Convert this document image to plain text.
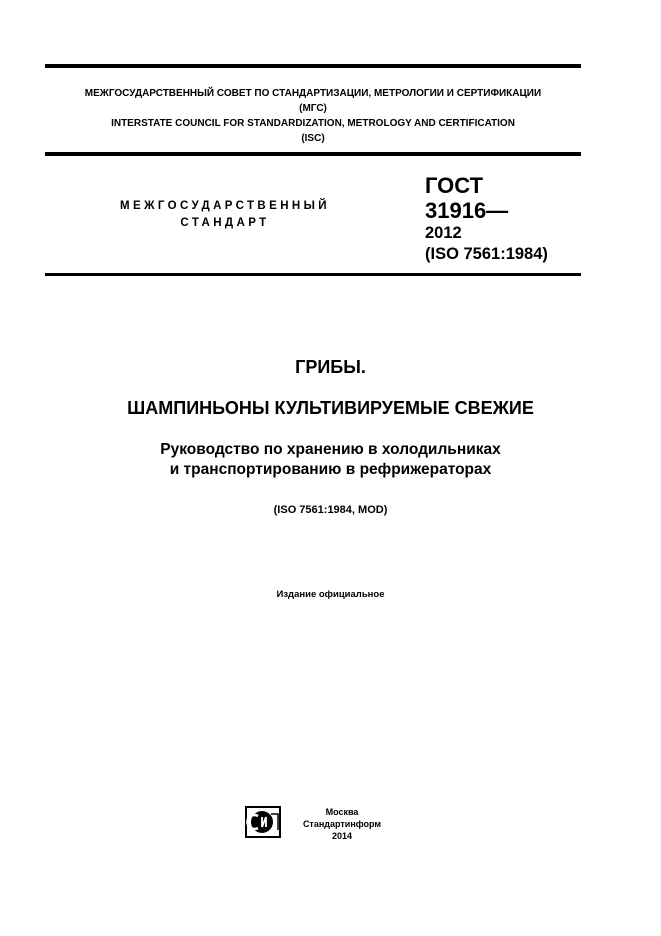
МЕЖГОСУДАРСТВЕННЫЙ СОВЕТ ПО СТАНДАРТИЗАЦИИ, МЕТРОЛОГИИ И СЕРТИФИКАЦИИ
(МГС)
INTERSTATE COUNCIL FOR STANDARDIZATION, METROLOGY AND CERTIFICATION
(ISC)
МЕЖГОСУДАРСТВЕННЫЙ
СТАНДАРТ
ГОСТ
31916—
2012
(ISO 7561:1984)
ГРИБЫ.
ШАМПИНЬОНЫ КУЛЬТИВИРУЕМЫЕ СВЕЖИЕ
Руководство по хранению в холодильниках
и транспортированию в рефрижераторах
(ISO 7561:1984, MOD)
Издание официальное
Москва
Стандартинформ
2014
